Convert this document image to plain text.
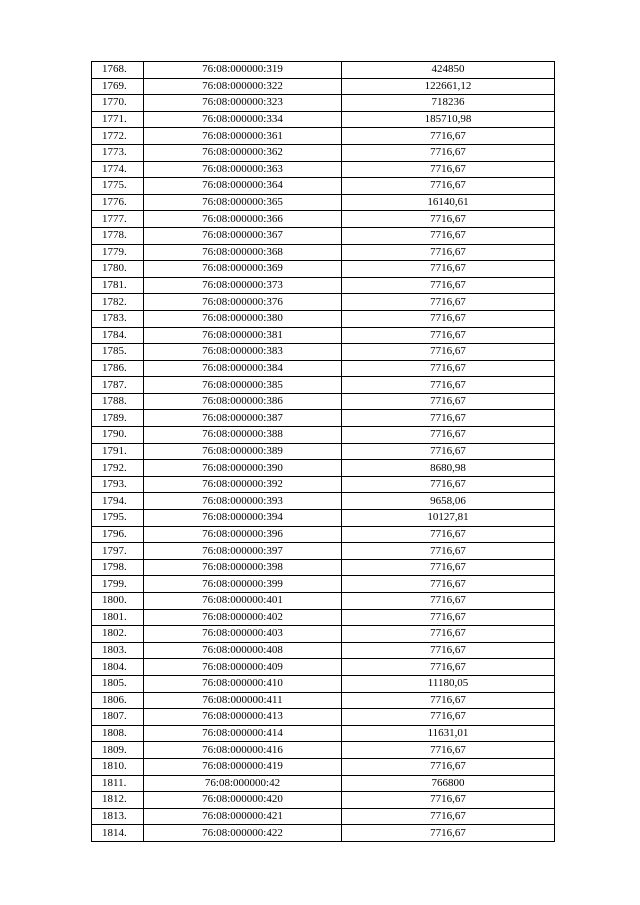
1768.	76:08:000000:319	424850
1769.	76:08:000000:322	122661,12
1770.	76:08:000000:323	718236
1771.	76:08:000000:334	185710,98
1772.	76:08:000000:361	7716,67
1773.	76:08:000000:362	7716,67
1774.	76:08:000000:363	7716,67
1775.	76:08:000000:364	7716,67
1776.	76:08:000000:365	16140,61
1777.	76:08:000000:366	7716,67
1778.	76:08:000000:367	7716,67
1779.	76:08:000000:368	7716,67
1780.	76:08:000000:369	7716,67
1781.	76:08:000000:373	7716,67
1782.	76:08:000000:376	7716,67
1783.	76:08:000000:380	7716,67
1784.	76:08:000000:381	7716,67
1785.	76:08:000000:383	7716,67
1786.	76:08:000000:384	7716,67
1787.	76:08:000000:385	7716,67
1788.	76:08:000000:386	7716,67
1789.	76:08:000000:387	7716,67
1790.	76:08:000000:388	7716,67
1791.	76:08:000000:389	7716,67
1792.	76:08:000000:390	8680,98
1793.	76:08:000000:392	7716,67
1794.	76:08:000000:393	9658,06
1795.	76:08:000000:394	10127,81
1796.	76:08:000000:396	7716,67
1797.	76:08:000000:397	7716,67
1798.	76:08:000000:398	7716,67
1799.	76:08:000000:399	7716,67
1800.	76:08:000000:401	7716,67
1801.	76:08:000000:402	7716,67
1802.	76:08:000000:403	7716,67
1803.	76:08:000000:408	7716,67
1804.	76:08:000000:409	7716,67
1805.	76:08:000000:410	11180,05
1806.	76:08:000000:411	7716,67
1807.	76:08:000000:413	7716,67
1808.	76:08:000000:414	11631,01
1809.	76:08:000000:416	7716,67
1810.	76:08:000000:419	7716,67
1811.	76:08:000000:42	766800
1812.	76:08:000000:420	7716,67
1813.	76:08:000000:421	7716,67
1814.	76:08:000000:422	7716,67
